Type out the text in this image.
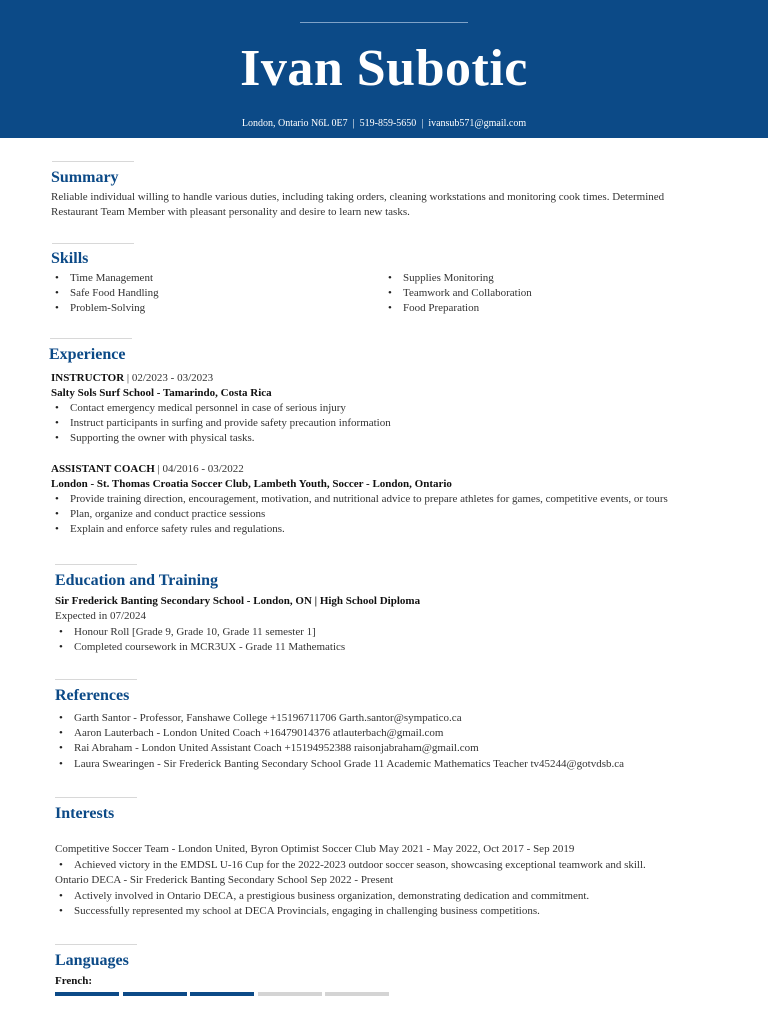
Ivan Subotic
London, Ontario N6L 0E7 | 519-859-5650 | ivansub571@gmail.com
Summary
Reliable individual willing to handle various duties, including taking orders, cleaning workstations and monitoring cook times. Determined
Restaurant Team Member with pleasant personality and desire to learn new tasks.
Skills
• Time Management
• Safe Food Handling
• Problem-Solving
• Supplies Monitoring
• Teamwork and Collaboration
• Food Preparation
Experience
INSTRUCTOR | 02/2023 - 03/2023
Salty Sols Surf School - Tamarindo, Costa Rica
• Contact emergency medical personnel in case of serious injury
• Instruct participants in surfing and provide safety precaution information
• Supporting the owner with physical tasks.
ASSISTANT COACH | 04/2016 - 03/2022
London - St. Thomas Croatia Soccer Club, Lambeth Youth, Soccer - London, Ontario
• Provide training direction, encouragement, motivation, and nutritional advice to prepare athletes for games, competitive events, or tours
• Plan, organize and conduct practice sessions
• Explain and enforce safety rules and regulations.
Education and Training
Sir Frederick Banting Secondary School - London, ON | High School Diploma
Expected in 07/2024
• Honour Roll [Grade 9, Grade 10, Grade 11 semester 1]
• Completed coursework in MCR3UX - Grade 11 Mathematics
References
• Garth Santor - Professor, Fanshawe College +15196711706 Garth.santor@sympatico.ca
• Aaron Lauterbach - London United Coach +16479014376 atlauterbach@gmail.com
• Rai Abraham - London United Assistant Coach +15194952388 raisonjabraham@gmail.com
• Laura Swearingen - Sir Frederick Banting Secondary School Grade 11 Academic Mathematics Teacher tv45244@gotvdsb.ca
Interests
Competitive Soccer Team - London United, Byron Optimist Soccer Club May 2021 - May 2022, Oct 2017 - Sep 2019
• Achieved victory in the EMDSL U-16 Cup for the 2022-2023 outdoor soccer season, showcasing exceptional teamwork and skill.
Ontario DECA - Sir Frederick Banting Secondary School Sep 2022 - Present
• Actively involved in Ontario DECA, a prestigious business organization, demonstrating dedication and commitment.
• Successfully represented my school at DECA Provincials, engaging in challenging business competitions.
Languages
French:
